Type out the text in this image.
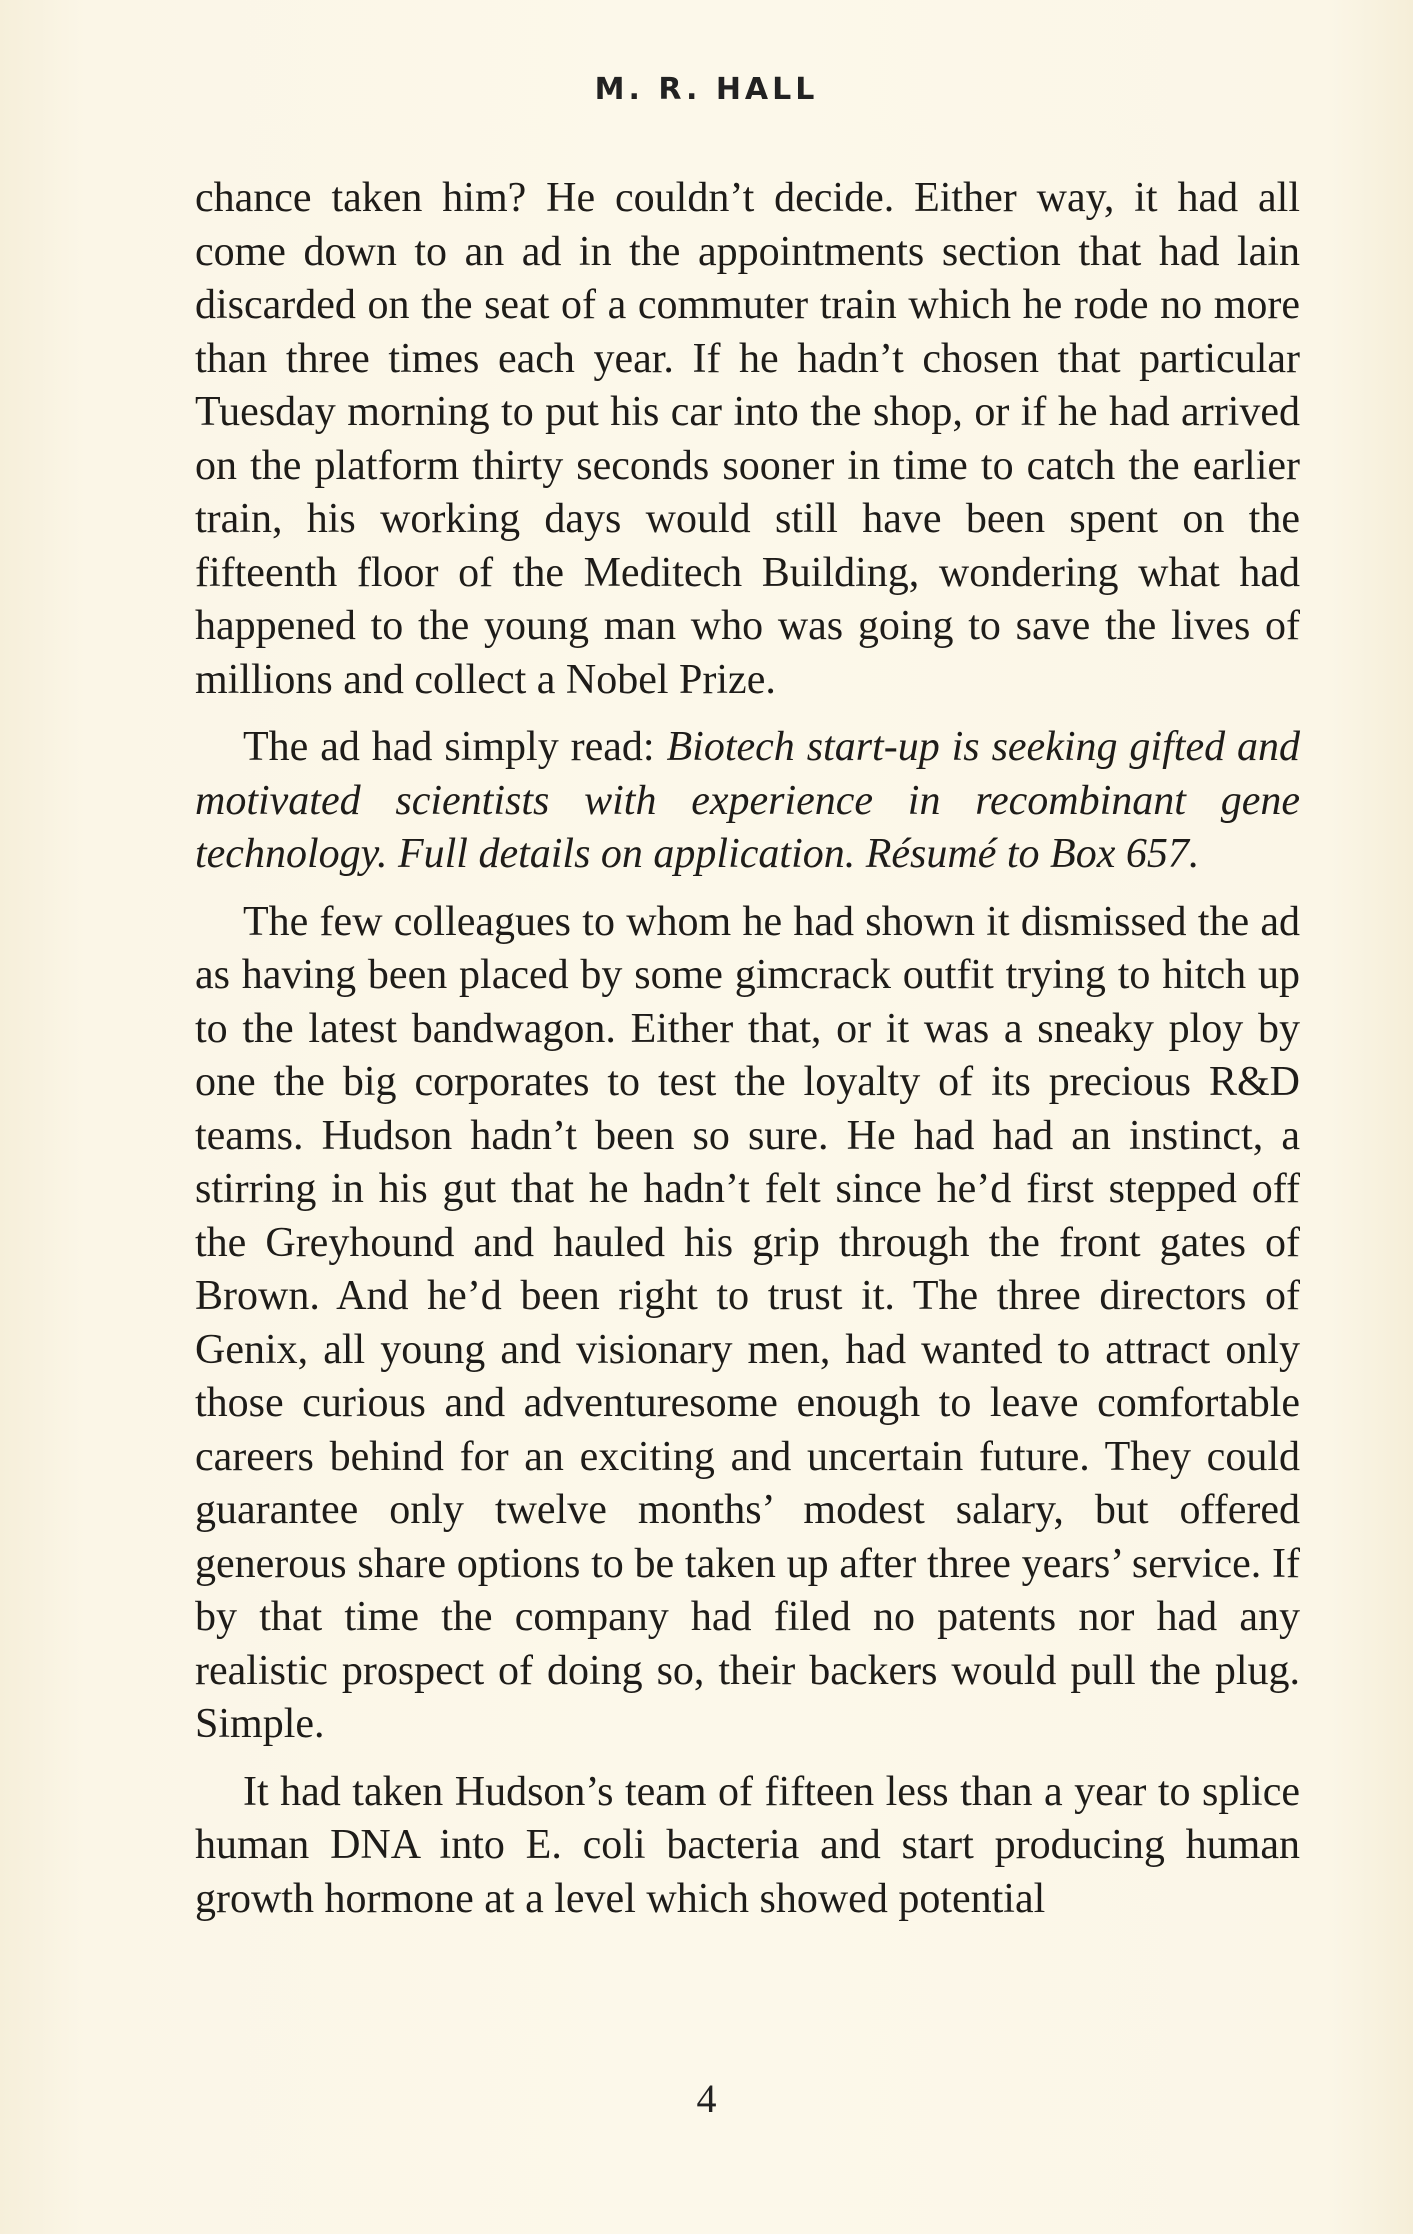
M. R. HALL

chance taken him? He couldn’t decide. Either way, it had all come down to an ad in the appointments section that had lain discarded on the seat of a commuter train which he rode no more than three times each year. If he hadn’t chosen that particular Tuesday morning to put his car into the shop, or if he had arrived on the platform thirty seconds sooner in time to catch the earlier train, his working days would still have been spent on the fifteenth floor of the Meditech Building, wondering what had happened to the young man who was going to save the lives of millions and collect a Nobel Prize.

The ad had simply read: Biotech start-up is seeking gifted and motivated scientists with experience in recombinant gene technology. Full details on application. Résumé to Box 657.

The few colleagues to whom he had shown it dismissed the ad as having been placed by some gimcrack outfit trying to hitch up to the latest bandwagon. Either that, or it was a sneaky ploy by one the big corporates to test the loyalty of its precious R&D teams. Hudson hadn’t been so sure. He had had an instinct, a stirring in his gut that he hadn’t felt since he’d first stepped off the Greyhound and hauled his grip through the front gates of Brown. And he’d been right to trust it. The three directors of Genix, all young and visionary men, had wanted to attract only those curious and adventuresome enough to leave comfortable careers behind for an exciting and uncertain future. They could guarantee only twelve months’ modest salary, but offered generous share options to be taken up after three years’ service. If by that time the company had filed no patents nor had any realistic prospect of doing so, their backers would pull the plug. Simple.

It had taken Hudson’s team of fifteen less than a year to splice human DNA into E. coli bacteria and start producing human growth hormone at a level which showed potential

4
